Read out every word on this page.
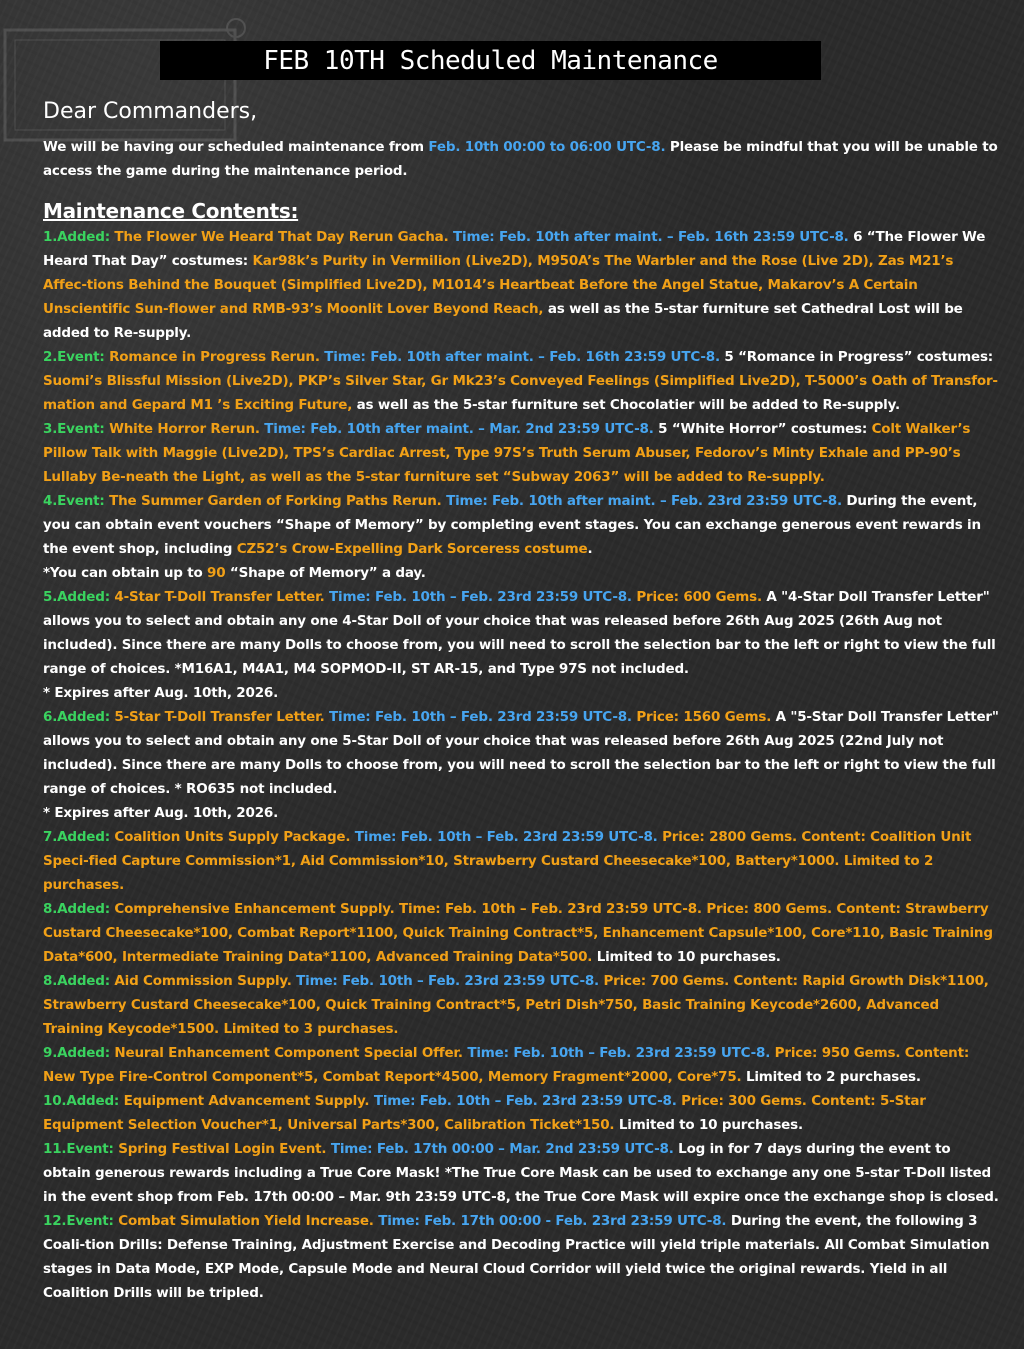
FEB 10TH Scheduled Maintenance
Dear Commanders,

We will be having our scheduled maintenance from Feb. 10th 00:00 to 06:00 UTC-8. Please be mindful that you will be unable to access the game during the maintenance period.

Maintenance Contents:

1.Added: The Flower We Heard That Day Rerun Gacha. Time: Feb. 10th after maint. – Feb. 16th 23:59 UTC-8. 6 “The Flower We Heard That Day” costumes: Kar98k’s Purity in Vermilion (Live2D), M950A’s The Warbler and the Rose (Live 2D), Zas M21’s Affec-tions Behind the Bouquet (Simplified Live2D), M1014’s Heartbeat Before the Angel Statue, Makarov’s A Certain Unscientific Sun-flower and RMB-93’s Moonlit Lover Beyond Reach, as well as the 5-star furniture set Cathedral Lost will be added to Re-supply.

2.Event: Romance in Progress Rerun. Time: Feb. 10th after maint. – Feb. 16th 23:59 UTC-8. 5 “Romance in Progress” costumes: Suomi’s Blissful Mission (Live2D), PKP’s Silver Star, Gr Mk23’s Conveyed Feelings (Simplified Live2D), T-5000’s Oath of Transfor-mation and Gepard M1 ’s Exciting Future, as well as the 5-star furniture set Chocolatier will be added to Re-supply.

3.Event: White Horror Rerun. Time: Feb. 10th after maint. – Mar. 2nd 23:59 UTC-8. 5 “White Horror” costumes: Colt Walker’s Pillow Talk with Maggie (Live2D), TPS’s Cardiac Arrest, Type 97S’s Truth Serum Abuser, Fedorov’s Minty Exhale and PP-90’s Lullaby Be-neath the Light, as well as the 5-star furniture set “Subway 2063” will be added to Re-supply.

4.Event: The Summer Garden of Forking Paths Rerun. Time: Feb. 10th after maint. – Feb. 23rd 23:59 UTC-8. During the event, you can obtain event vouchers “Shape of Memory” by completing event stages. You can exchange generous event rewards in the event shop, including CZ52’s Crow-Expelling Dark Sorceress costume.

*You can obtain up to 90 “Shape of Memory” a day.

5.Added: 4-Star T-Doll Transfer Letter. Time: Feb. 10th – Feb. 23rd 23:59 UTC-8. Price: 600 Gems. A "4-Star Doll Transfer Letter" allows you to select and obtain any one 4-Star Doll of your choice that was released before 26th Aug 2025 (26th Aug not included). Since there are many Dolls to choose from, you will need to scroll the selection bar to the left or right to view the full range of choices. *M16A1, M4A1, M4 SOPMOD-II, ST AR-15, and Type 97S not included.

* Expires after Aug. 10th, 2026.

6.Added: 5-Star T-Doll Transfer Letter. Time: Feb. 10th – Feb. 23rd 23:59 UTC-8. Price: 1560 Gems. A "5-Star Doll Transfer Letter" allows you to select and obtain any one 5-Star Doll of your choice that was released before 26th Aug 2025 (22nd July not included). Since there are many Dolls to choose from, you will need to scroll the selection bar to the left or right to view the full range of choices. * RO635 not included.

* Expires after Aug. 10th, 2026.

7.Added: Coalition Units Supply Package. Time: Feb. 10th – Feb. 23rd 23:59 UTC-8. Price: 2800 Gems. Content: Coalition Unit Speci-fied Capture Commission*1, Aid Commission*10, Strawberry Custard Cheesecake*100, Battery*1000. Limited to 2 purchases.

8.Added: Comprehensive Enhancement Supply. Time: Feb. 10th – Feb. 23rd 23:59 UTC-8. Price: 800 Gems. Content: Strawberry Custard Cheesecake*100, Combat Report*1100, Quick Training Contract*5, Enhancement Capsule*100, Core*110, Basic Training Data*600, Intermediate Training Data*1100, Advanced Training Data*500. Limited to 10 purchases.

8.Added: Aid Commission Supply. Time: Feb. 10th – Feb. 23rd 23:59 UTC-8. Price: 700 Gems. Content: Rapid Growth Disk*1100, Strawberry Custard Cheesecake*100, Quick Training Contract*5, Petri Dish*750, Basic Training Keycode*2600, Advanced Training Keycode*1500. Limited to 3 purchases.

9.Added: Neural Enhancement Component Special Offer. Time: Feb. 10th – Feb. 23rd 23:59 UTC-8. Price: 950 Gems. Content: New Type Fire-Control Component*5, Combat Report*4500, Memory Fragment*2000, Core*75. Limited to 2 purchases.

10.Added: Equipment Advancement Supply. Time: Feb. 10th – Feb. 23rd 23:59 UTC-8. Price: 300 Gems. Content: 5-Star Equipment Selection Voucher*1, Universal Parts*300, Calibration Ticket*150. Limited to 10 purchases.

11.Event: Spring Festival Login Event. Time: Feb. 17th 00:00 – Mar. 2nd 23:59 UTC-8. Log in for 7 days during the event to obtain generous rewards including a True Core Mask! *The True Core Mask can be used to exchange any one 5-star T-Doll listed in the event shop from Feb. 17th 00:00 – Mar. 9th 23:59 UTC-8, the True Core Mask will expire once the exchange shop is closed.

12.Event: Combat Simulation Yield Increase. Time: Feb. 17th 00:00 - Feb. 23rd 23:59 UTC-8. During the event, the following 3 Coali-tion Drills: Defense Training, Adjustment Exercise and Decoding Practice will yield triple materials. All Combat Simulation stages in Data Mode, EXP Mode, Capsule Mode and Neural Cloud Corridor will yield twice the original rewards. Yield in all Coalition Drills will be tripled.
